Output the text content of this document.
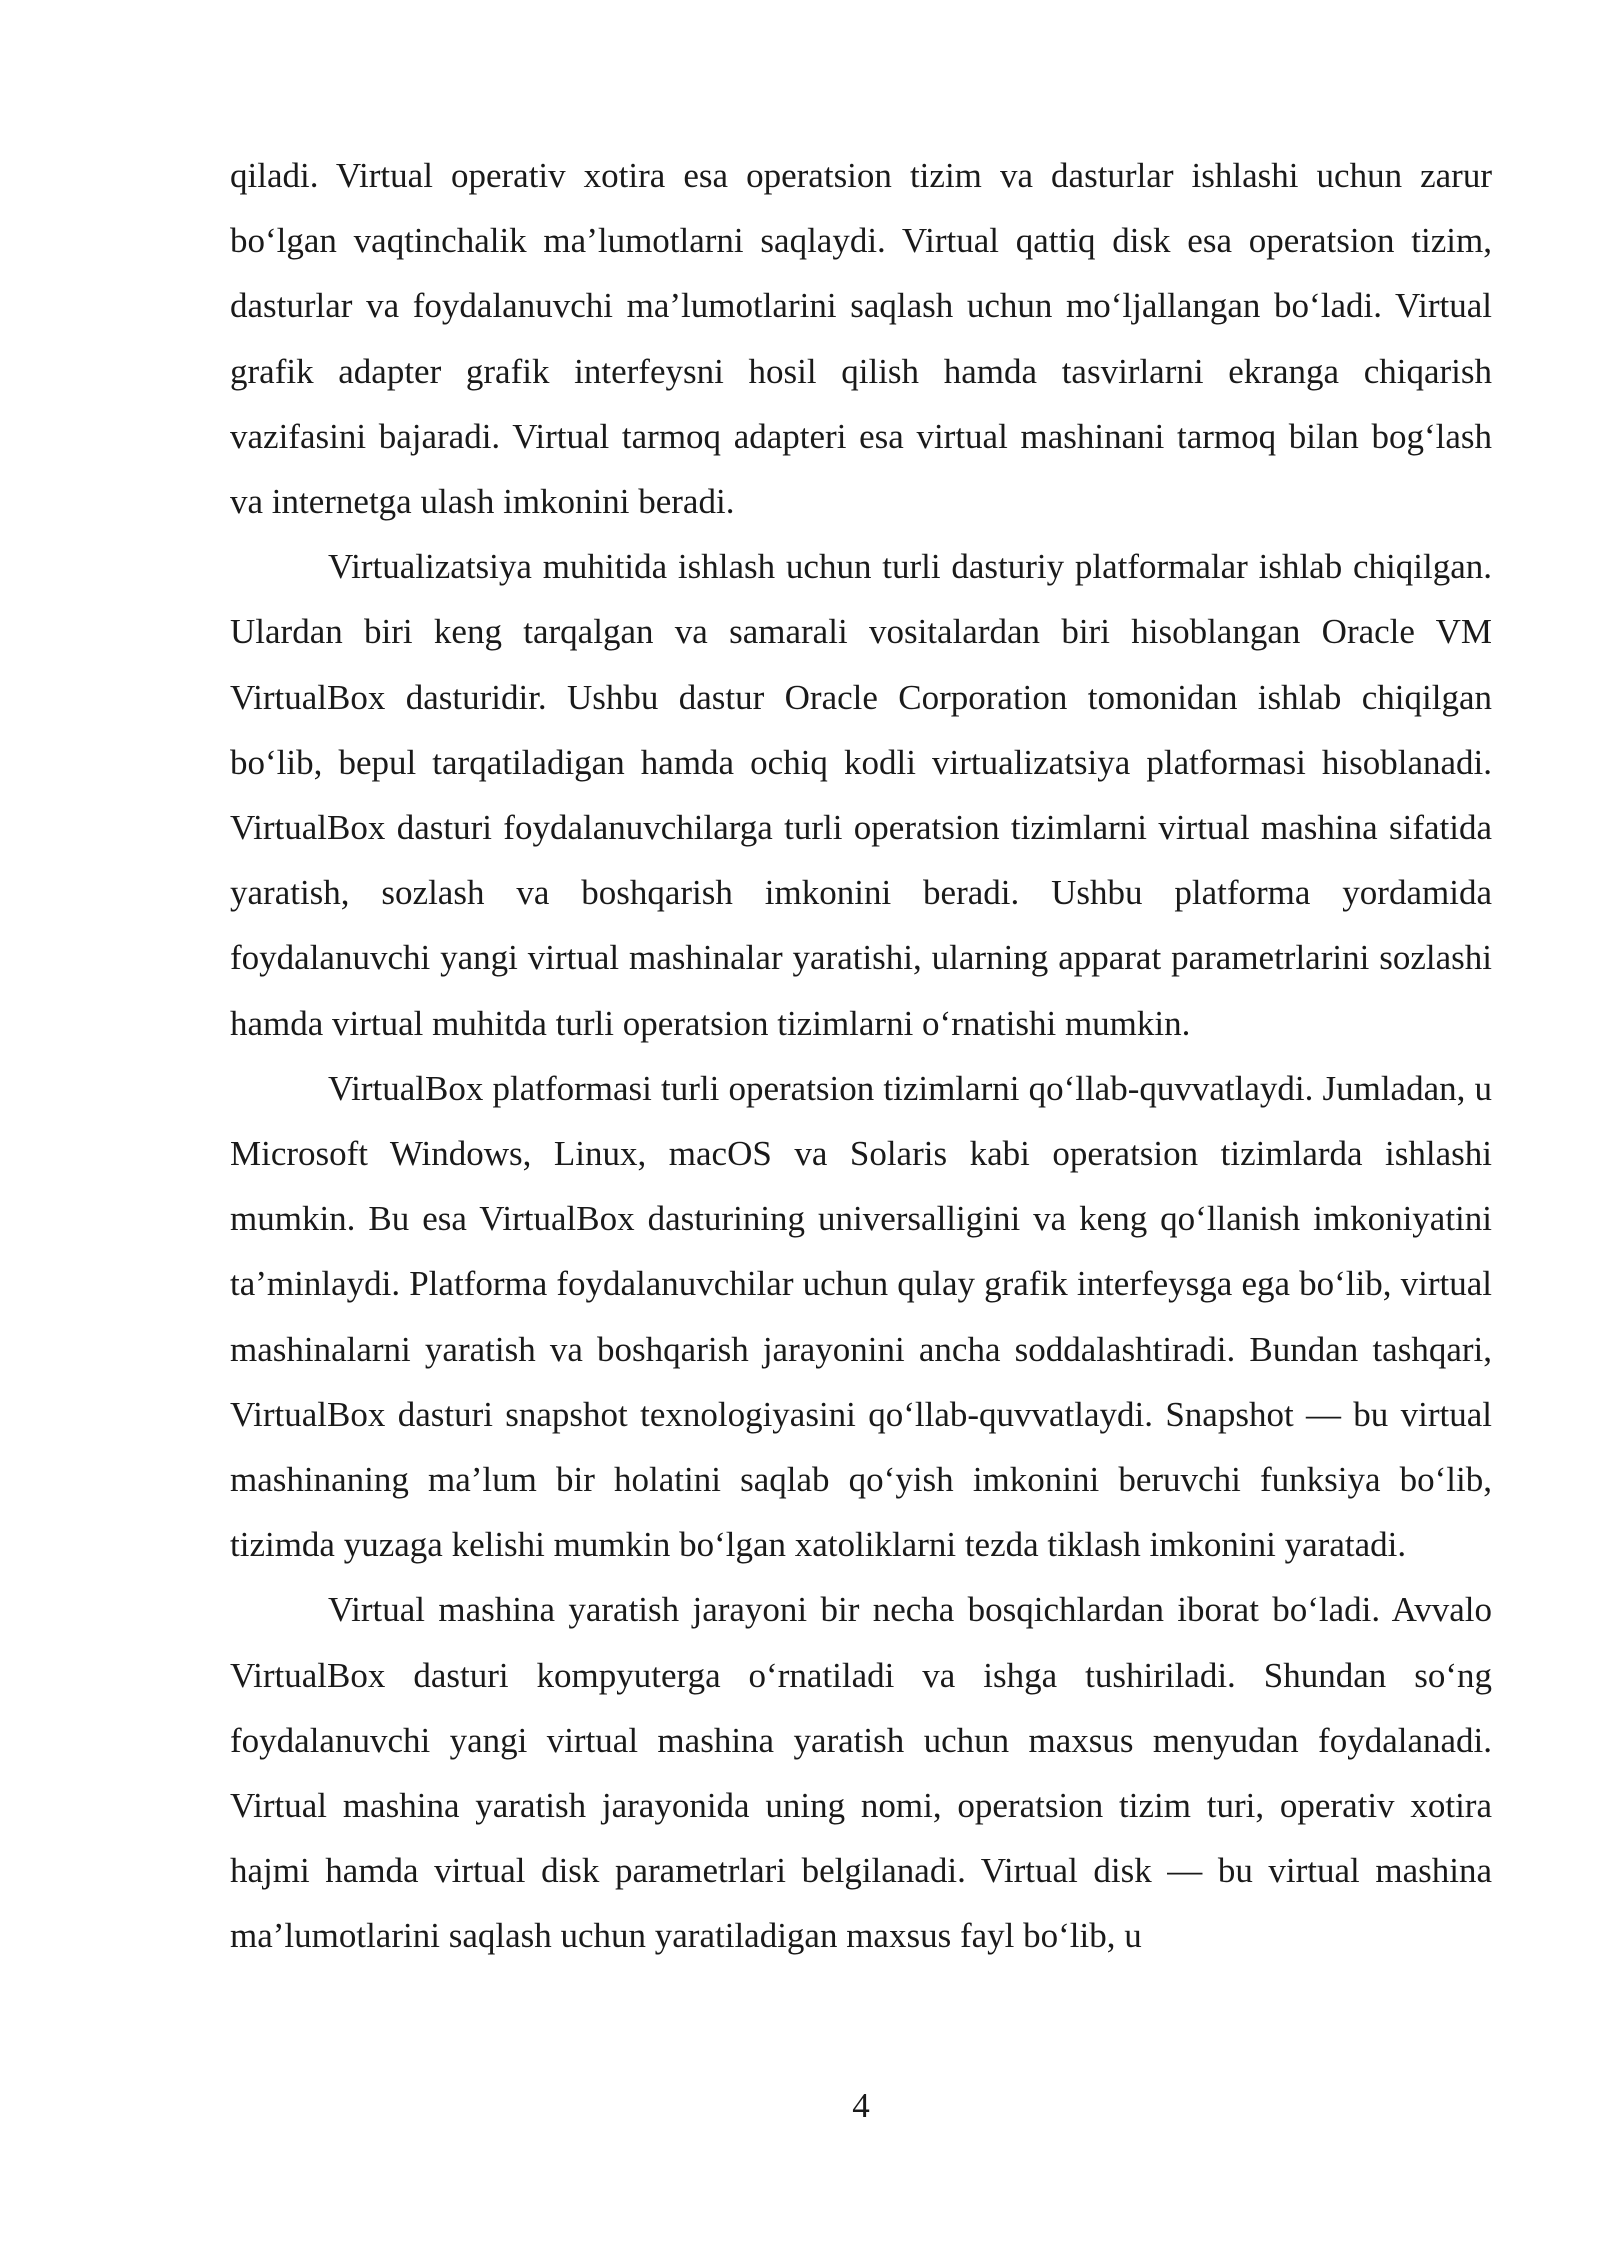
qiladi. Virtual operativ xotira esa operatsion tizim va dasturlar ishlashi uchun zarur bo‘lgan vaqtinchalik ma’lumotlarni saqlaydi. Virtual qattiq disk esa operatsion tizim, dasturlar va foydalanuvchi ma’lumotlarini saqlash uchun mo‘ljallangan bo‘ladi. Virtual grafik adapter grafik interfeysni hosil qilish hamda tasvirlarni ekranga chiqarish vazifasini bajaradi. Virtual tarmoq adapteri esa virtual mashinani tarmoq bilan bog‘lash va internetga ulash imkonini beradi.

Virtualizatsiya muhitida ishlash uchun turli dasturiy platformalar ishlab chiqilgan. Ulardan biri keng tarqalgan va samarali vositalardan biri hisoblangan Oracle VM VirtualBox dasturidir. Ushbu dastur Oracle Corporation tomonidan ishlab chiqilgan bo‘lib, bepul tarqatiladigan hamda ochiq kodli virtualizatsiya platformasi hisoblanadi. VirtualBox dasturi foydalanuvchilarga turli operatsion tizimlarni virtual mashina sifatida yaratish, sozlash va boshqarish imkonini beradi. Ushbu platforma yordamida foydalanuvchi yangi virtual mashinalar yaratishi, ularning apparat parametrlarini sozlashi hamda virtual muhitda turli operatsion tizimlarni o‘rnatishi mumkin.

VirtualBox platformasi turli operatsion tizimlarni qo‘llab-quvvatlaydi. Jumladan, u Microsoft Windows, Linux, macOS va Solaris kabi operatsion tizimlarda ishlashi mumkin. Bu esa VirtualBox dasturining universalligini va keng qo‘llanish imkoniyatini ta’minlaydi. Platforma foydalanuvchilar uchun qulay grafik interfeysga ega bo‘lib, virtual mashinalarni yaratish va boshqarish jarayonini ancha soddalashtiradi. Bundan tashqari, VirtualBox dasturi snapshot texnologiyasini qo‘llab-quvvatlaydi. Snapshot — bu virtual mashinaning ma’lum bir holatini saqlab qo‘yish imkonini beruvchi funksiya bo‘lib, tizimda yuzaga kelishi mumkin bo‘lgan xatoliklarni tezda tiklash imkonini yaratadi.

Virtual mashina yaratish jarayoni bir necha bosqichlardan iborat bo‘ladi. Avvalo VirtualBox dasturi kompyuterga o‘rnatiladi va ishga tushiriladi. Shundan so‘ng foydalanuvchi yangi virtual mashina yaratish uchun maxsus menyudan foydalanadi. Virtual mashina yaratish jarayonida uning nomi, operatsion tizim turi, operativ xotira hajmi hamda virtual disk parametrlari belgilanadi. Virtual disk — bu virtual mashina ma’lumotlarini saqlash uchun yaratiladigan maxsus fayl bo‘lib, u

4
